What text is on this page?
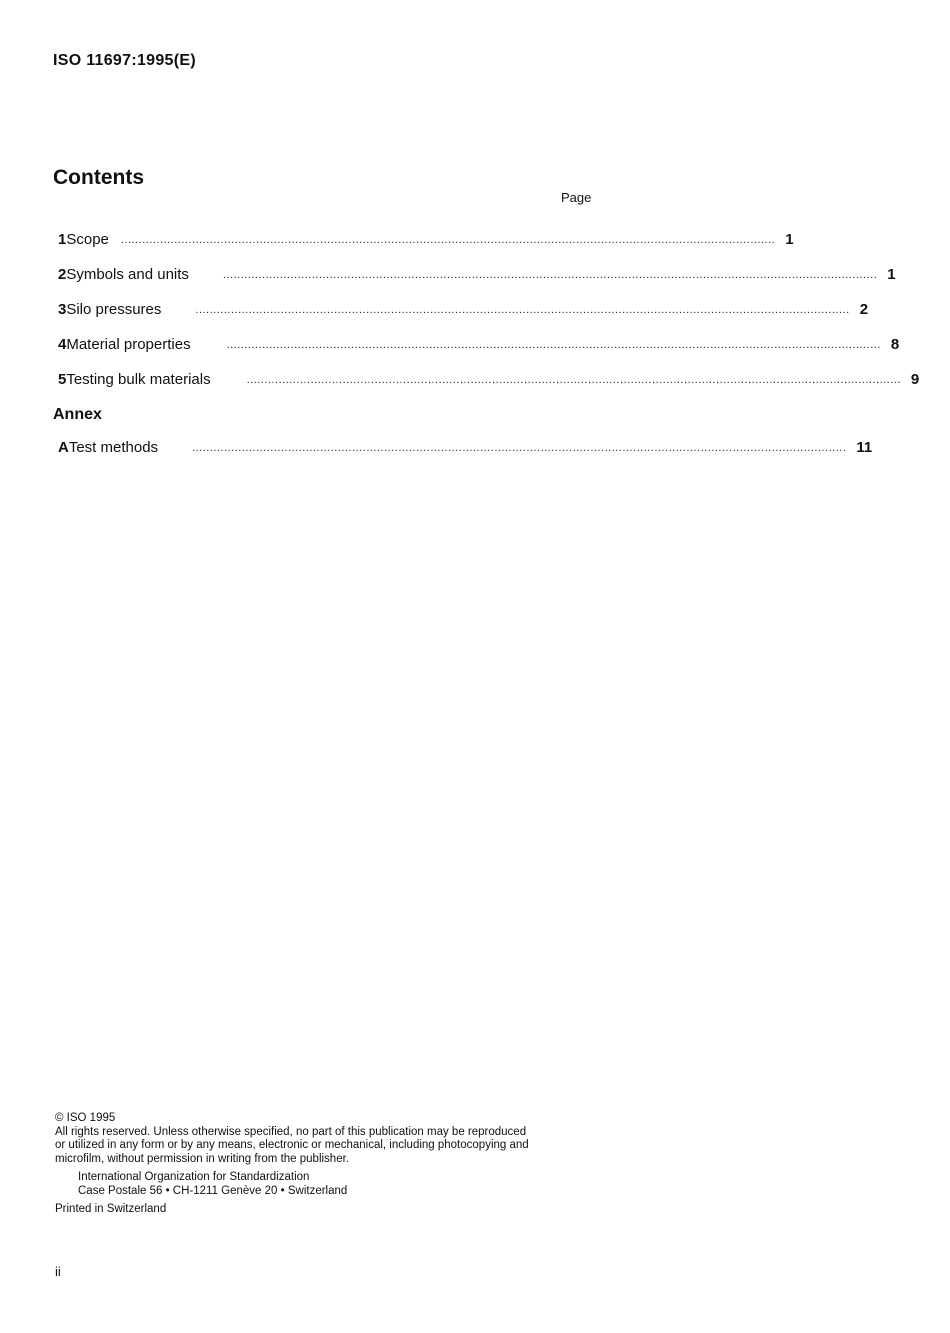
ISO 11697:1995(E)
Contents
Page
1 Scope	........................................................................................................................................................................................ 1
2 Symbols and units	........................................................................................................................................................................................ 1
3 Silo pressures	........................................................................................................................................................................................ 2
4 Material properties	........................................................................................................................................................................................ 8
5 Testing bulk materials	........................................................................................................................................................................................ 9
Annex
A Test methods	........................................................................................................................................................................................ 11
© ISO 1995
All rights reserved. Unless otherwise specified, no part of this publication may be reproduced
or utilized in any form or by any means, electronic or mechanical, including photocopying and
microfilm, without permission in writing from the publisher.
International Organization for Standardization
Case Postale 56 • CH-1211 Genève 20 • Switzerland
Printed in Switzerland
ii
